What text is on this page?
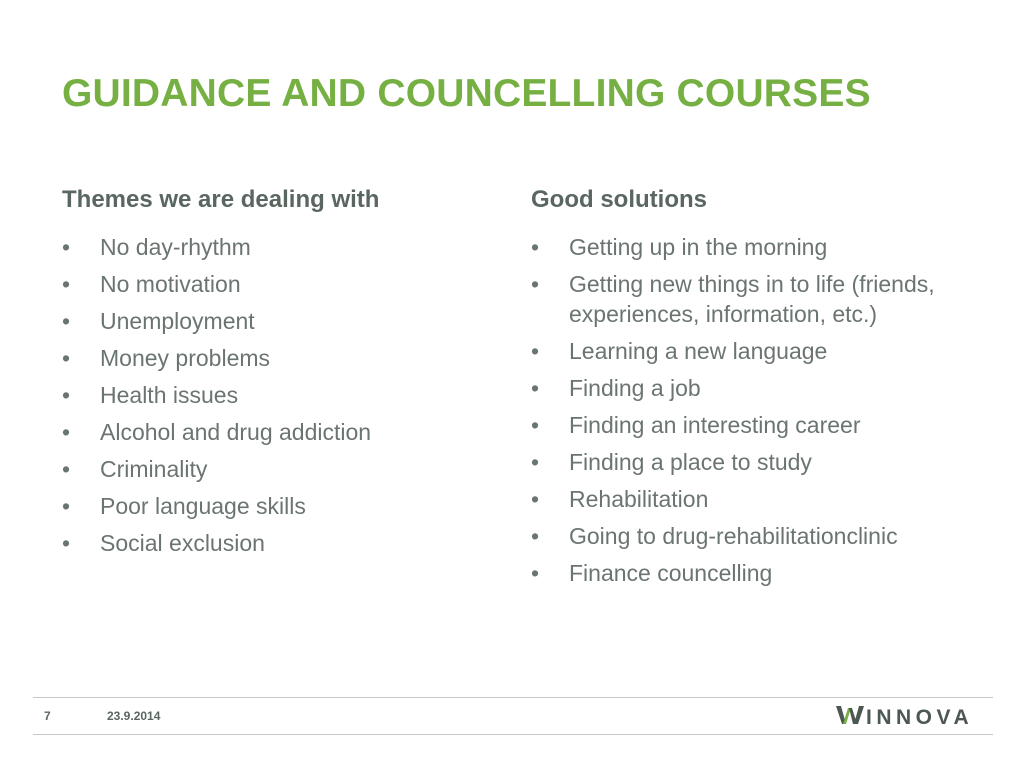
GUIDANCE AND COUNCELLING COURSES
Themes we are dealing with
•	No day-rhythm
•	No motivation
•	Unemployment
•	Money problems
•	Health issues
•	Alcohol and drug addiction
•	Criminality
•	Poor language skills
•	Social exclusion
Good solutions
•	Getting up in the morning
•	Getting new things in to life (friends, experiences, information, etc.)
•	Learning a new language
•	Finding a job
•	Finding an interesting career
•	Finding a place to study
•	Rehabilitation
•	Going to drug-rehabilitationclinic
•	Finance councelling
7	23.9.2014	INNOVA
